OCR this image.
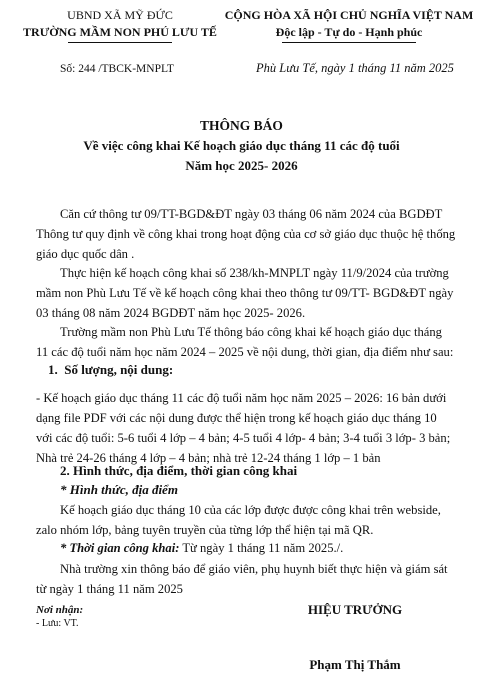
UBND XÃ MỸ ĐỨC
TRƯỜNG MẦM NON PHÚ LƯU TẾ
CỘNG HÒA XÃ HỘI CHỦ NGHĨA VIỆT NAM
Độc lập - Tự do - Hạnh phúc
Số: 244 /TBCK-MNPLT	Phù Lưu Tế, ngày 1 tháng 11 năm 2025
THÔNG BÁO
Về việc công khai Kế hoạch giáo dục tháng 11 các độ tuổi
Năm học 2025- 2026
Căn cứ thông tư 09/TT-BGD&ĐT ngày 03 tháng 06 năm 2024 của BGDĐT Thông tư quy định về công khai trong hoạt động của cơ sở giáo dục thuộc hệ thống giáo dục quốc dân .
Thực hiện kế hoạch công khai số 238/kh-MNPLT ngày 11/9/2024 của trường mầm non Phù Lưu Tế về kế hoạch công khai theo thông tư 09/TT- BGD&ĐT ngày 03 tháng 08 năm 2024 BGDĐT năm học 2025- 2026.
Trường mầm non Phù Lưu Tế thông báo công khai kế hoạch giáo dục tháng 11 các độ tuổi năm học năm 2024 – 2025 về nội dung, thời gian, địa điểm như sau:
1. Số lượng, nội dung:
- Kế hoạch giáo dục tháng 11 các độ tuổi năm học năm 2025 – 2026: 16 bản dưới dạng file PDF với các nội dung được thể hiện trong kế hoạch giáo dục tháng 10 với các độ tuổi: 5-6 tuổi 4 lớp – 4 bản; 4-5 tuổi 4 lớp- 4 bản; 3-4 tuổi 3 lớp- 3 bản; Nhà trẻ 24-26 tháng 4 lớp – 4 bản; nhà trẻ 12-24 tháng 1 lớp – 1 bản
2. Hình thức, địa điểm, thời gian công khai
* Hình thức, địa điểm
Kế hoạch giáo dục tháng 10 của các lớp được được công khai trên webside, zalo nhóm lớp, bảng tuyên truyền của từng lớp thể hiện tại mã QR.
* Thời gian công khai: Từ ngày 1 tháng 11 năm 2025./.
Nhà trường xin thông báo để giáo viên, phụ huynh biết thực hiện và giám sát từ ngày 1 tháng 11 năm 2025
Nơi nhận:
- Lưu: VT.
HIỆU TRƯỞNG
Phạm Thị Thắm
